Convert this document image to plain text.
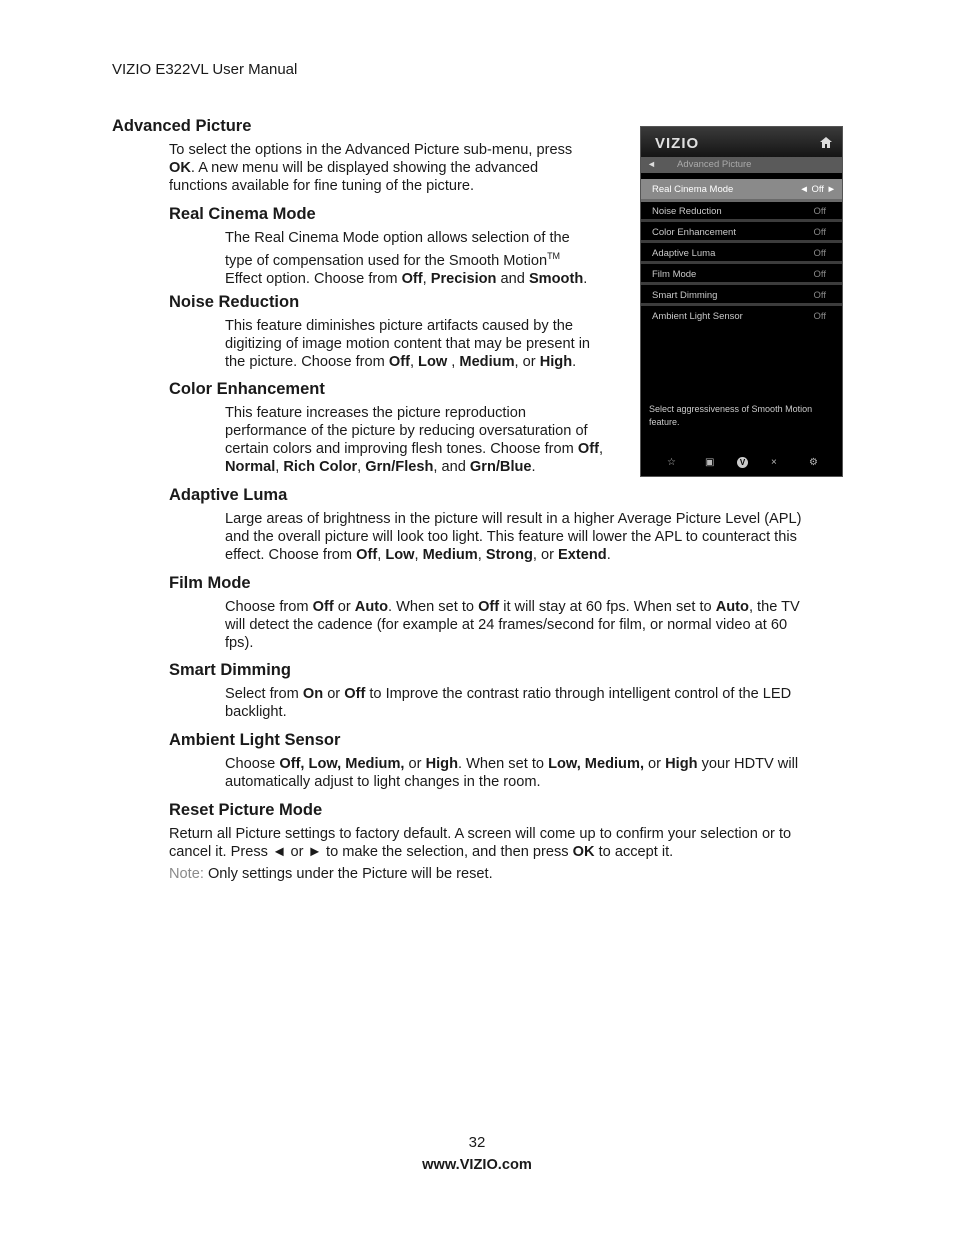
VIZIO E322VL User Manual
Advanced Picture
To select the options in the Advanced Picture sub-menu, press
OK. A new menu will be displayed showing the advanced
functions available for fine tuning of the picture.
Real Cinema Mode
The Real Cinema Mode option allows selection of the
type of compensation used for the Smooth Motion™
Effect option. Choose from Off, Precision and Smooth.
Noise Reduction
This feature diminishes picture artifacts caused by the
digitizing of image motion content that may be present in
the picture. Choose from Off, Low , Medium, or High.
Color Enhancement
This feature increases the picture reproduction
performance of the picture by reducing oversaturation of
certain colors and improving flesh tones. Choose from Off,
Normal, Rich Color, Grn/Flesh, and Grn/Blue.
Adaptive Luma
Large areas of brightness in the picture will result in a higher Average Picture Level (APL)
and the overall picture will look too light. This feature will lower the APL to counteract this
effect. Choose from Off, Low, Medium, Strong, or Extend.
Film Mode
Choose from Off or Auto. When set to Off it will stay at 60 fps. When set to Auto, the TV
will detect the cadence (for example at 24 frames/second for film, or normal video at 60
fps).
Smart Dimming
Select from On or Off to Improve the contrast ratio through intelligent control of the LED
backlight.
Ambient Light Sensor
Choose Off, Low, Medium, or High. When set to Low, Medium, or High your HDTV will
automatically adjust to light changes in the room.
Reset Picture Mode
Return all Picture settings to factory default. A screen will come up to confirm your selection or to
cancel it. Press ◄ or ► to make the selection, and then press OK to accept it.
Note: Only settings under the Picture will be reset.
VIZIO
◄ Advanced Picture
Real Cinema Mode	◄ Off ►
Noise Reduction	Off
Color Enhancement	Off
Adaptive Luma	Off
Film Mode	Off
Smart Dimming	Off
Ambient Light Sensor	Off
Select aggressiveness of Smooth Motion feature.
☆	▣	V	×	⚙
32
www.VIZIO.com
